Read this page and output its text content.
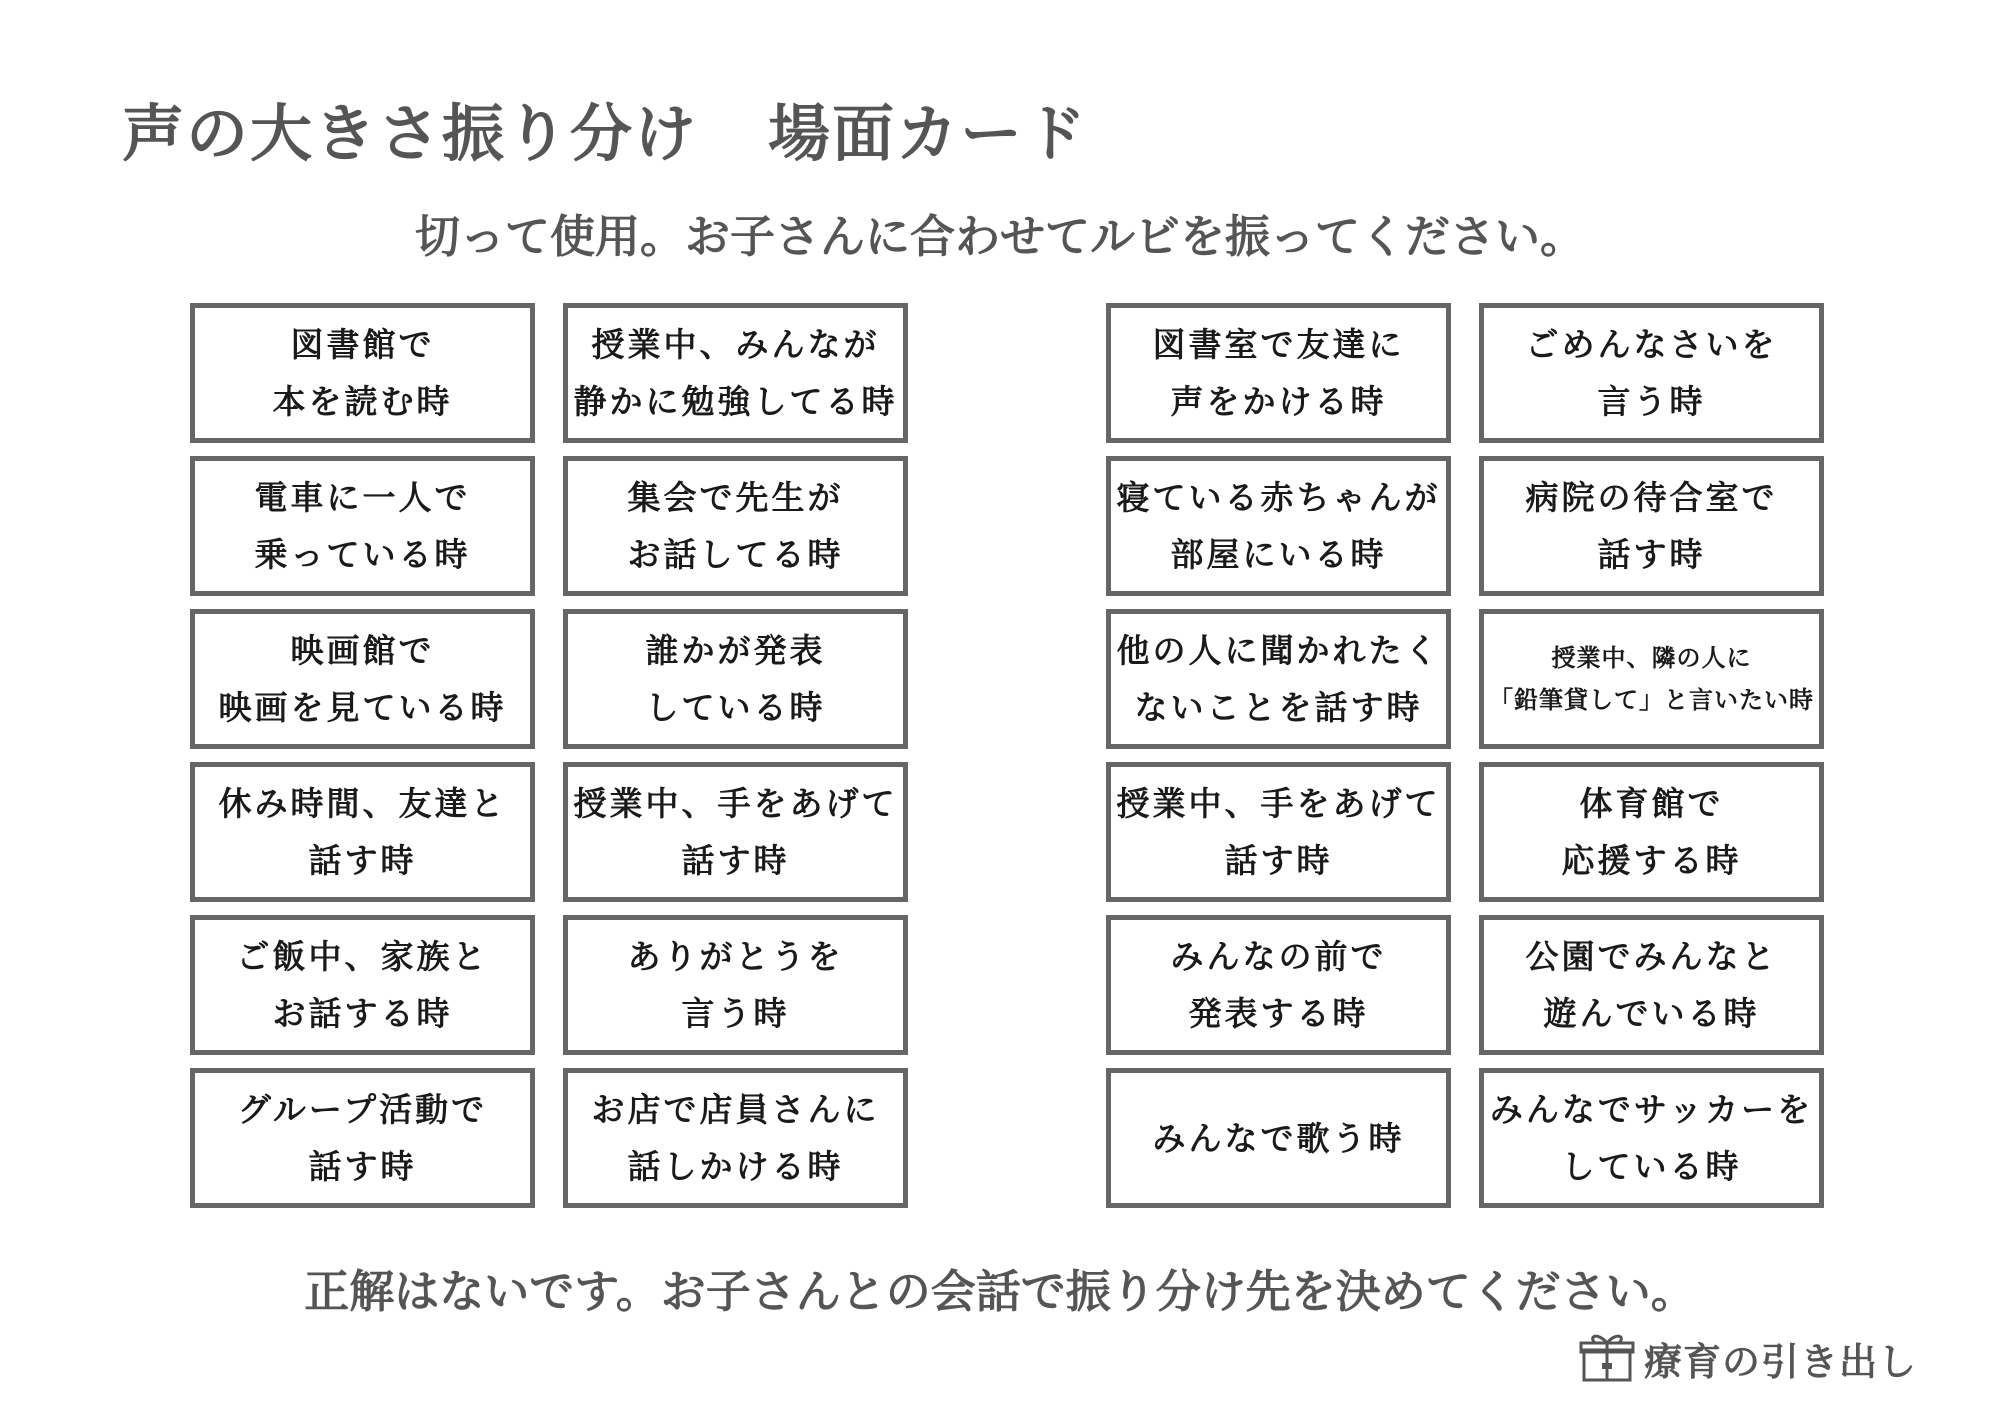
声の大きさ振り分け 場面カード
切って使用。お子さんに合わせてルビを振ってください。
図書館で
本を読む時
授業中、みんなが
静かに勉強してる時
電車に一人で
乗っている時
集会で先生が
お話してる時
映画館で
映画を見ている時
誰かが発表
している時
休み時間、友達と
話す時
授業中、手をあげて
話す時
ご飯中、家族と
お話する時
ありがとうを
言う時
グループ活動で
話す時
お店で店員さんに
話しかける時
図書室で友達に
声をかける時
ごめんなさいを
言う時
寝ている赤ちゃんが
部屋にいる時
病院の待合室で
話す時
他の人に聞かれたく
ないことを話す時
授業中、隣の人に
「鉛筆貸して」と言いたい時
授業中、手をあげて
話す時
体育館で
応援する時
みんなの前で
発表する時
公園でみんなと
遊んでいる時
みんなで歌う時
みんなでサッカーを
している時
正解はないです。お子さんとの会話で振り分け先を決めてください。
療育の引き出し
